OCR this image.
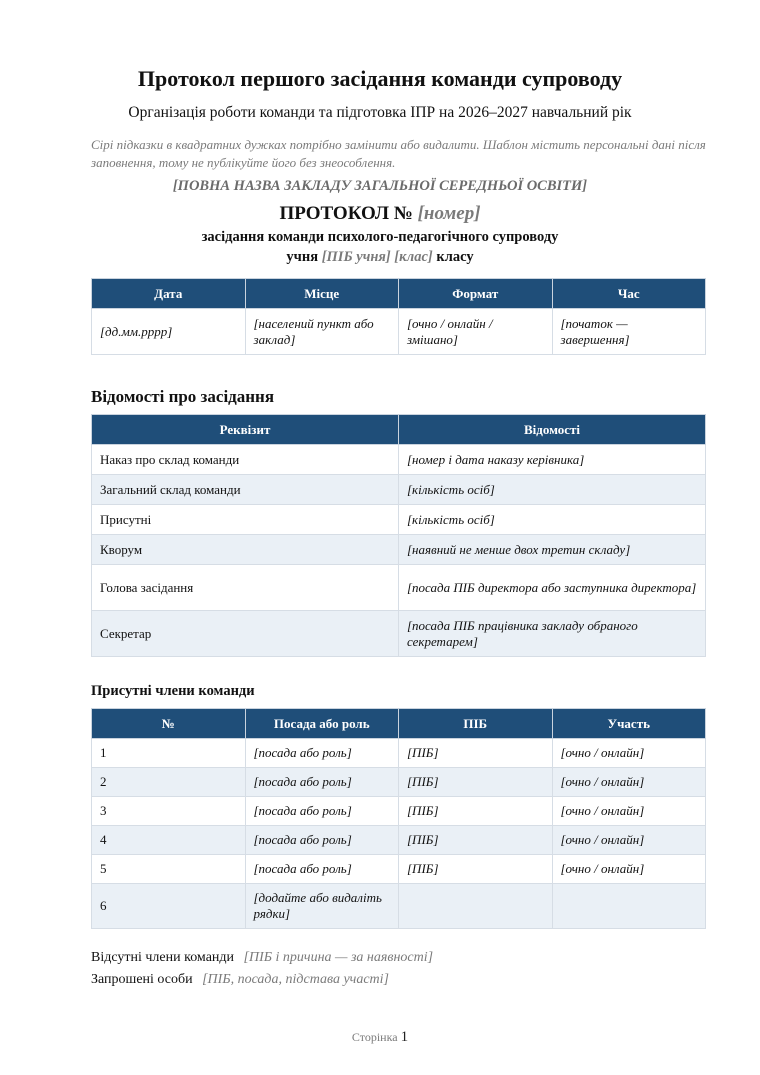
Протокол першого засідання команди супроводу
Організація роботи команди та підготовка ІПР на 2026–2027 навчальний рік
Сірі підказки в квадратних дужках потрібно замінити або видалити. Шаблон містить персональні дані після заповнення, тому не публікуйте його без знеособлення.
[ПОВНА НАЗВА ЗАКЛАДУ ЗАГАЛЬНОЇ СЕРЕДНЬОЇ ОСВІТИ]
ПРОТОКОЛ № [номер]
засідання команди психолого-педагогічного супроводу
учня [ПІБ учня] [клас] класу
Дата	Місце	Формат	Час
[дд.мм.рррр]	[населений пункт або заклад]	[очно / онлайн / змішано]	[початок — завершення]
Відомості про засідання
Реквізит	Відомості
Наказ про склад команди	[номер і дата наказу керівника]
Загальний склад команди	[кількість осіб]
Присутні	[кількість осіб]
Кворум	[наявний не менше двох третин складу]
Голова засідання	[посада ПІБ директора або заступника директора]
Секретар	[посада ПІБ працівника закладу обраного секретарем]
Присутні члени команди
№	Посада або роль	ПІБ	Участь
1	[посада або роль]	[ПІБ]	[очно / онлайн]
2	[посада або роль]	[ПІБ]	[очно / онлайн]
3	[посада або роль]	[ПІБ]	[очно / онлайн]
4	[посада або роль]	[ПІБ]	[очно / онлайн]
5	[посада або роль]	[ПІБ]	[очно / онлайн]
6	[додайте або видаліть рядки]		
Відсутні члени команди [ПІБ і причина — за наявності]
Запрошені особи [ПІБ, посада, підстава участі]
Сторінка 1
